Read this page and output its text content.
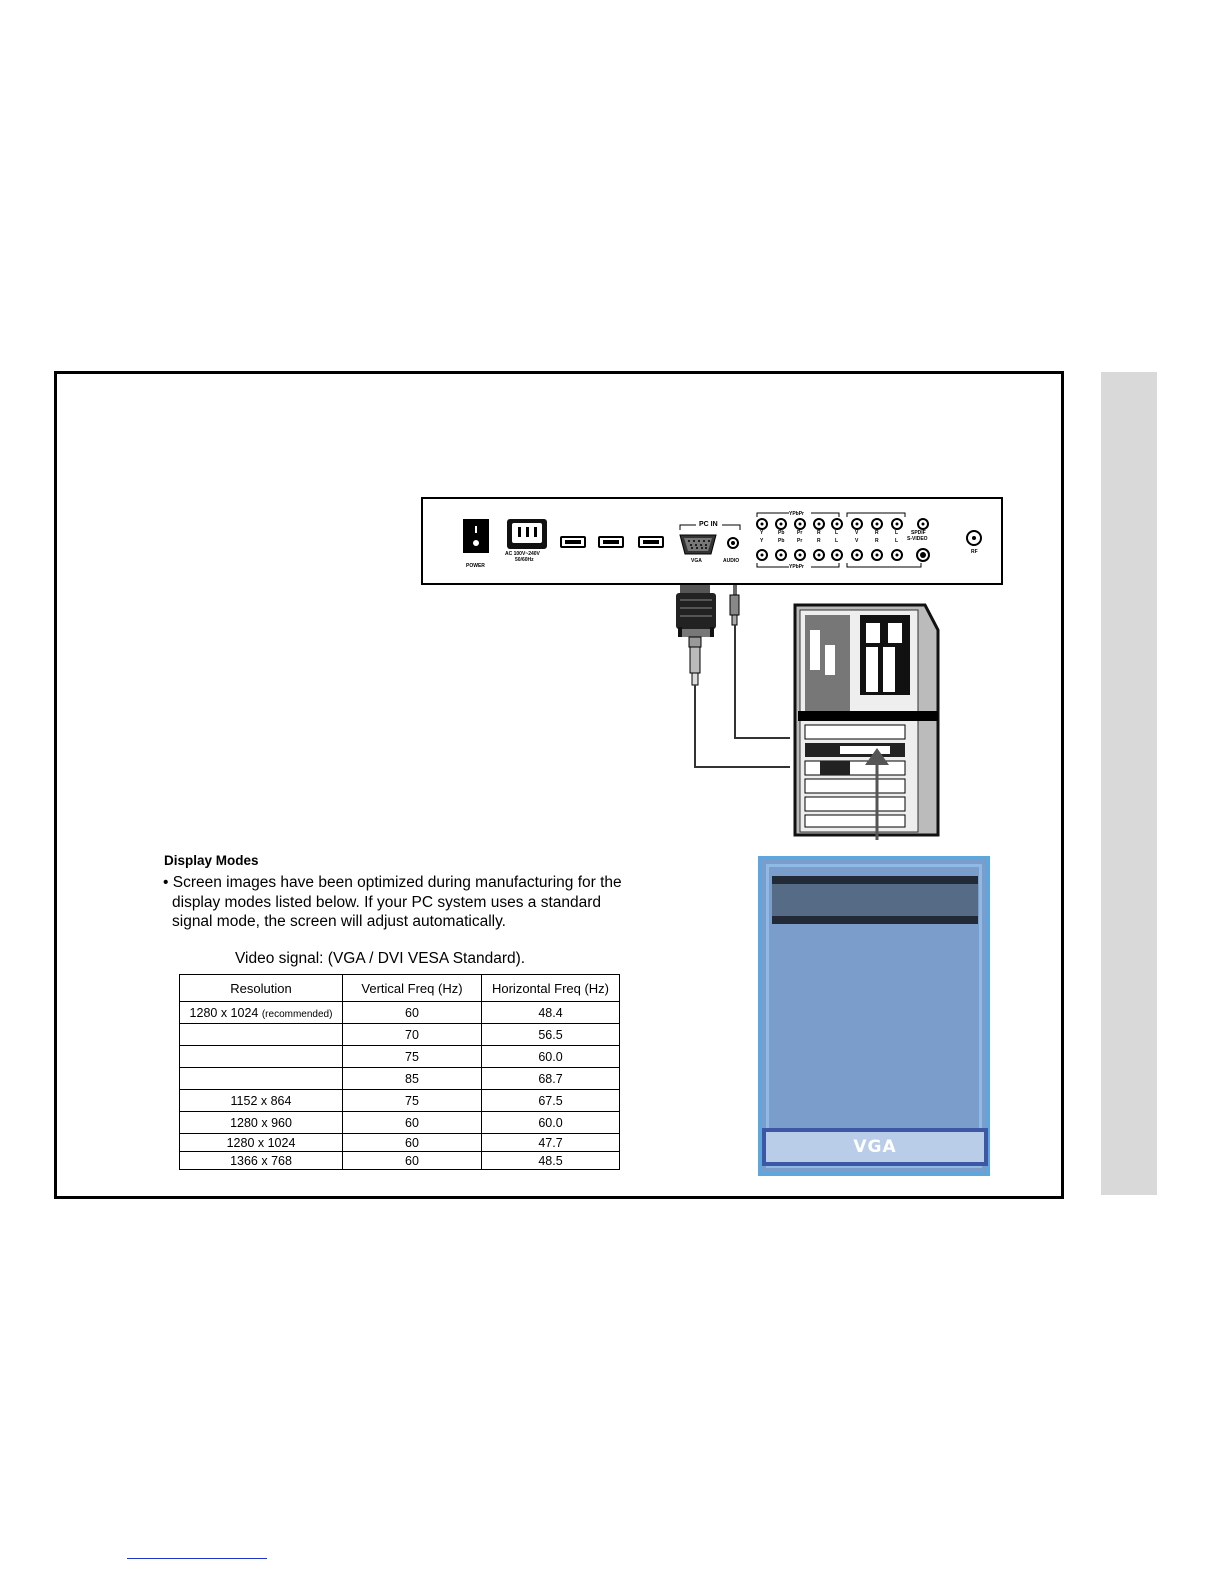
POWER
AC 100V~240V
50/60Hz
PC IN
VGA	AUDIO
YPbPr
YPbPr
Y	Pb	Pr	R	L	V	R	L
Y	Pb	Pr	R	L	V	R	L
SPDIF
S-VIDEO
RF
Display Modes
• Screen images have been optimized during manufacturing for the
display modes listed below. If your PC system uses a standard
signal mode, the screen will adjust automatically.
Video signal: (VGA / DVI VESA Standard).
Resolution	Vertical Freq (Hz)	Horizontal Freq (Hz)
1280 x 1024 (recommended)	60	48.4
	70	56.5
	75	60.0
	85	68.7
1152 x 864	75	67.5
1280 x 960	60	60.0
1280 x 1024	60	47.7
1366 x 768	60	48.5
VGA
